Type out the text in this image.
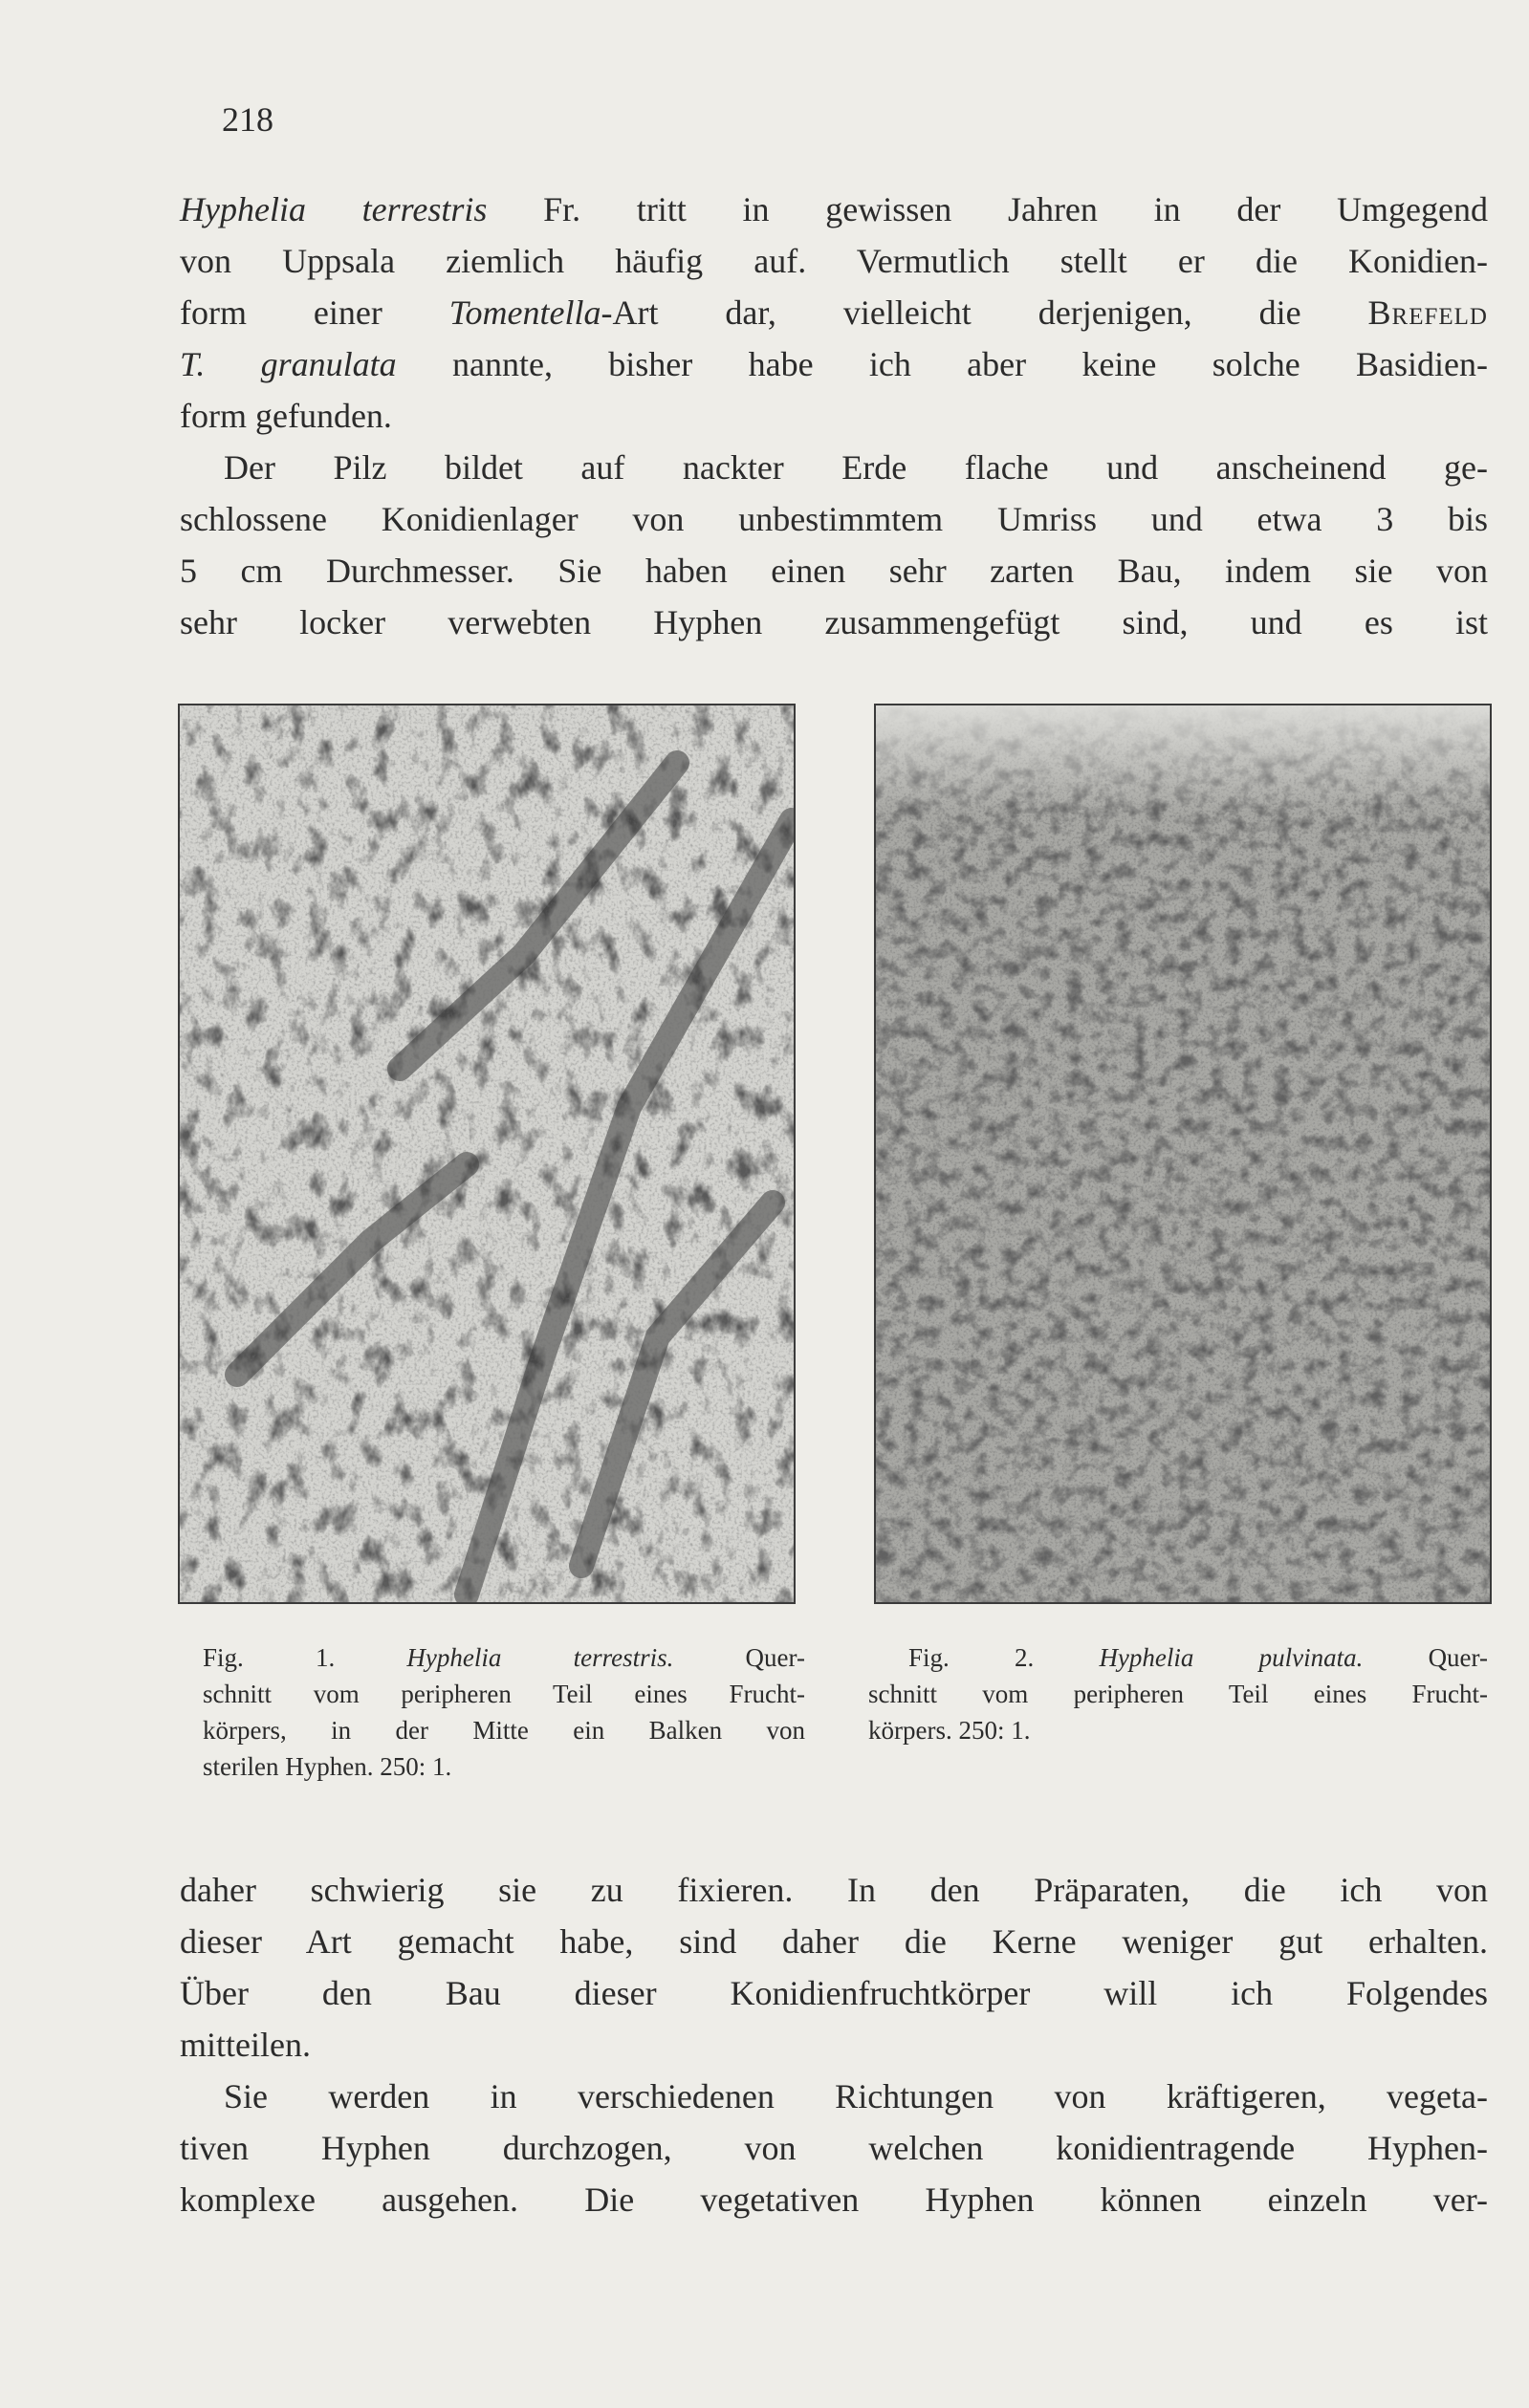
218
Hyphelia terrestris Fr. tritt in gewissen Jahren in der Umgegend
von Uppsala ziemlich häufig auf. Vermutlich stellt er die Konidien-
form einer Tomentella-Art dar, vielleicht derjenigen, die Brefeld
T. granulata nannte, bisher habe ich aber keine solche Basidien-
form gefunden.
Der Pilz bildet auf nackter Erde flache und anscheinend ge-
schlossene Konidienlager von unbestimmtem Umriss und etwa 3 bis
5 cm Durchmesser. Sie haben einen sehr zarten Bau, indem sie von
sehr locker verwebten Hyphen zusammengefügt sind, und es ist
Fig. 1. Hyphelia terrestris. Quer-
schnitt vom peripheren Teil eines Frucht-
körpers, in der Mitte ein Balken von
sterilen Hyphen. 250: 1.
Fig. 2. Hyphelia pulvinata. Quer-
schnitt vom peripheren Teil eines Frucht-
körpers. 250: 1.
daher schwierig sie zu fixieren. In den Präparaten, die ich von
dieser Art gemacht habe, sind daher die Kerne weniger gut erhalten.
Über den Bau dieser Konidienfruchtkörper will ich Folgendes
mitteilen.
Sie werden in verschiedenen Richtungen von kräftigeren, vegeta-
tiven Hyphen durchzogen, von welchen konidientragende Hyphen-
komplexe ausgehen. Die vegetativen Hyphen können einzeln ver-
